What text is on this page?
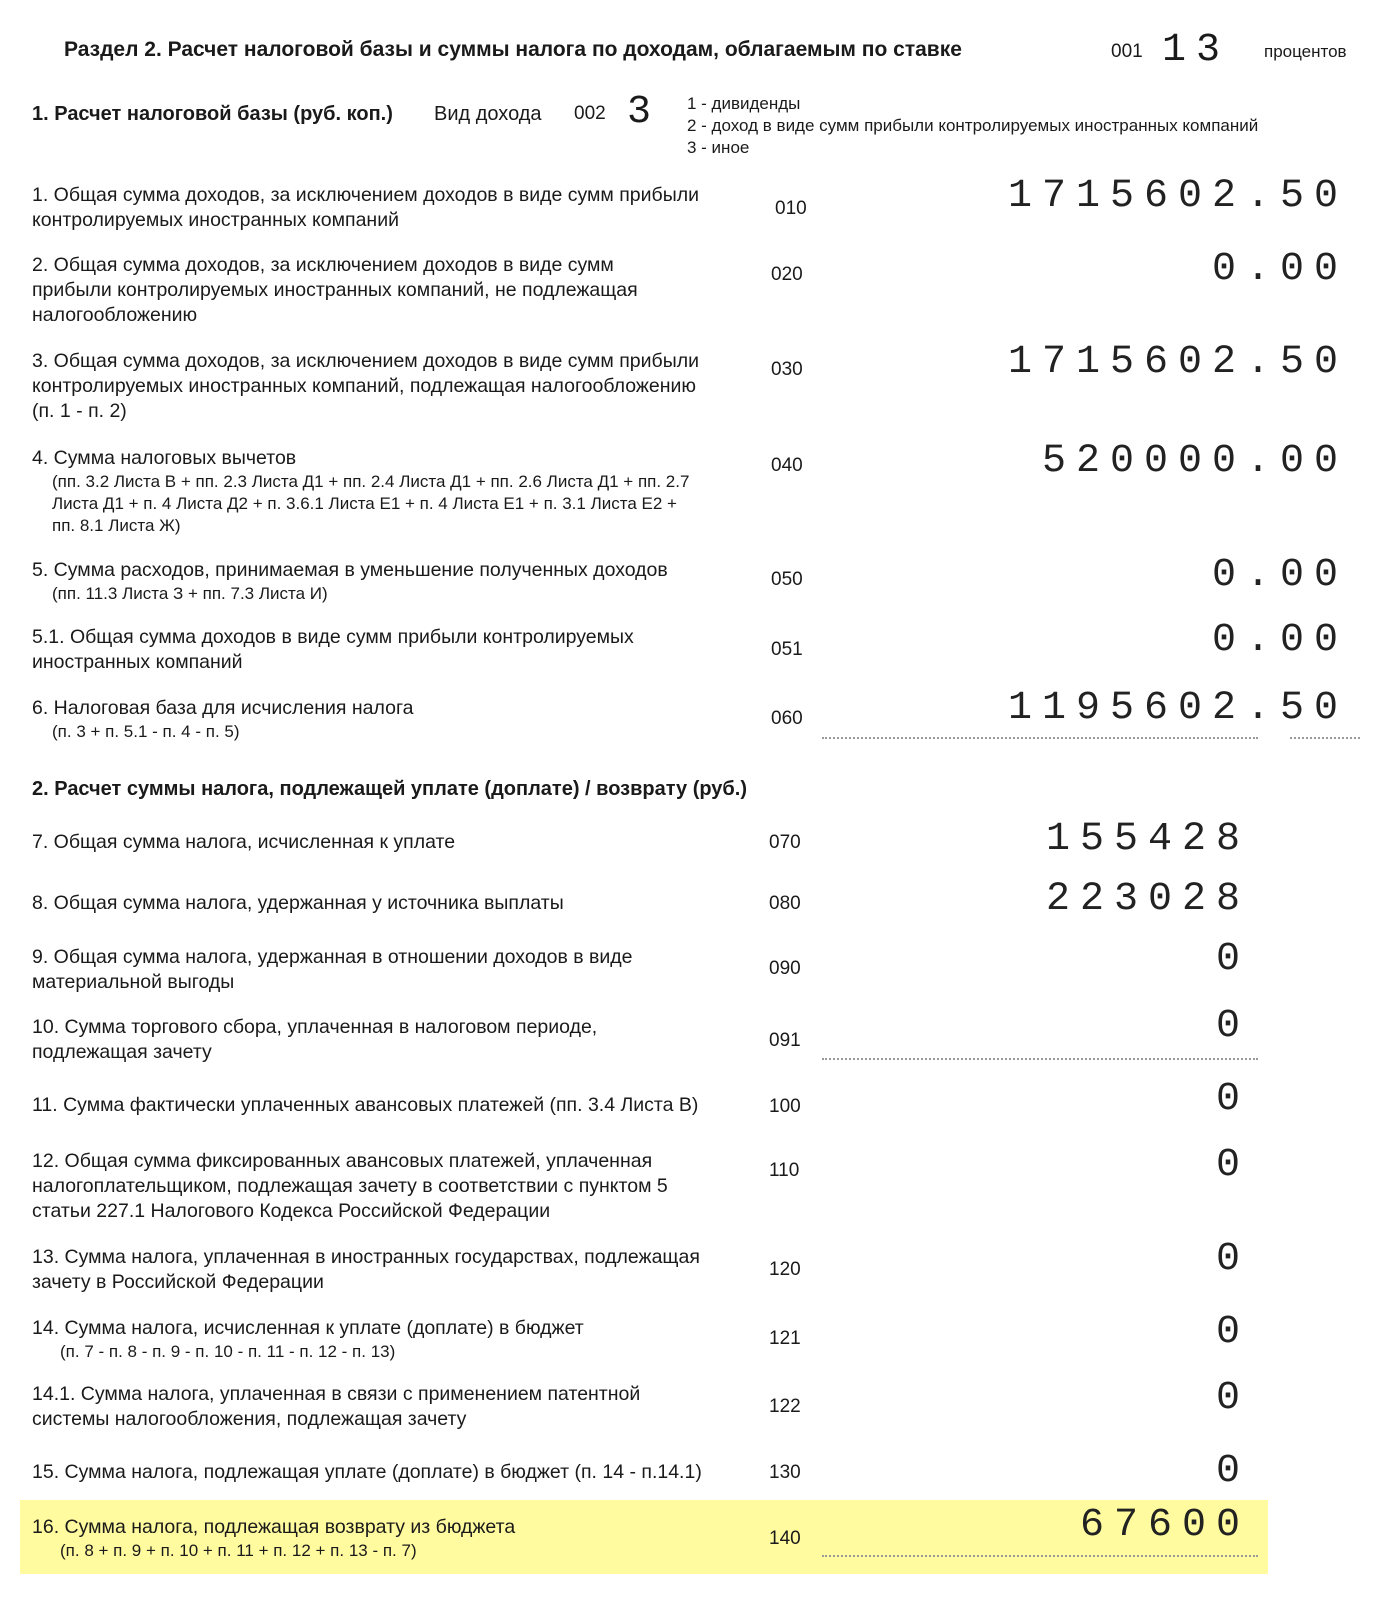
Раздел 2. Расчет налоговой базы и суммы налога по доходам, облагаемым по ставке	001 13 процентов
1. Расчет налоговой базы (руб. коп.) Вид дохода 002 3 1 - дивиденды
2 - доход в виде сумм прибыли контролируемых иностранных компаний
3 - иное
1. Общая сумма доходов, за исключением доходов в виде сумм прибыли
контролируемых иностранных компаний
010	1715602.50
2. Общая сумма доходов, за исключением доходов в виде сумм
прибыли контролируемых иностранных компаний, не подлежащая
налогообложению
020	0.00
3. Общая сумма доходов, за исключением доходов в виде сумм прибыли
контролируемых иностранных компаний, подлежащая налогообложению
(п. 1 - п. 2)
030	1715602.50
4. Сумма налоговых вычетов
(пп. 3.2 Листа В + пп. 2.3 Листа Д1 + пп. 2.4 Листа Д1 + пп. 2.6 Листа Д1 + пп. 2.7
Листа Д1 + п. 4 Листа Д2 + п. 3.6.1 Листа Е1 + п. 4 Листа Е1 + п. 3.1 Листа Е2 +
пп. 8.1 Листа Ж)
040	520000.00
5. Сумма расходов, принимаемая в уменьшение полученных доходов
(пп. 11.3 Листа З + пп. 7.3 Листа И)
050	0.00
5.1. Общая сумма доходов в виде сумм прибыли контролируемых
иностранных компаний
051	0.00
6. Налоговая база для исчисления налога
(п. 3 + п. 5.1 - п. 4 - п. 5)
060	1195602.50
2. Расчет суммы налога, подлежащей уплате (доплате) / возврату (руб.)
7. Общая сумма налога, исчисленная к уплате	070	155428
8. Общая сумма налога, удержанная у источника выплаты	080	223028
9. Общая сумма налога, удержанная в отношении доходов в виде
материальной выгоды
090	0
10. Сумма торгового сбора, уплаченная в налоговом периоде,
подлежащая зачету
091	0
11. Сумма фактически уплаченных авансовых платежей (пп. 3.4 Листа В)	100	0
12. Общая сумма фиксированных авансовых платежей, уплаченная
налогоплательщиком, подлежащая зачету в соответствии с пунктом 5
статьи 227.1 Налогового Кодекса Российской Федерации
110	0
13. Сумма налога, уплаченная в иностранных государствах, подлежащая
зачету в Российской Федерации
120	0
14. Сумма налога, исчисленная к уплате (доплате) в бюджет
(п. 7 - п. 8 - п. 9 - п. 10 - п. 11 - п. 12 - п. 13)
121	0
14.1. Сумма налога, уплаченная в связи с применением патентной
системы налогообложения, подлежащая зачету
122	0
15. Сумма налога, подлежащая уплате (доплате) в бюджет (п. 14 - п.14.1)	130	0
16. Сумма налога, подлежащая возврату из бюджета
(п. 8 + п. 9 + п. 10 + п. 11 + п. 12 + п. 13 - п. 7)
140	67600
